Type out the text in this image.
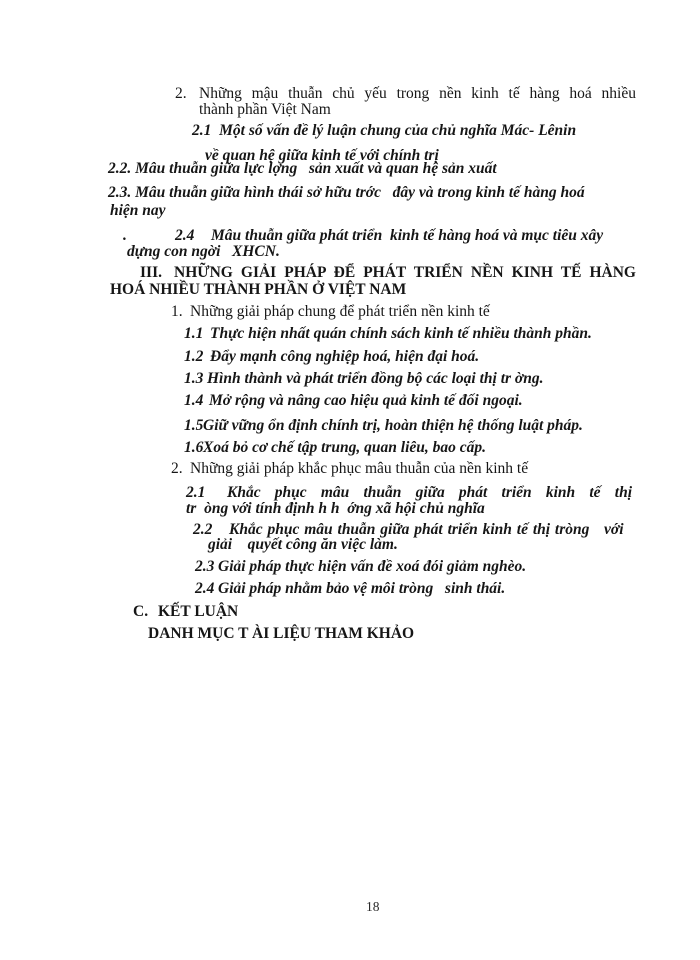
2. Những mậu thuẫn chủ yếu trong nền kinh tế hàng hoá nhiều
thành phần Việt Nam
2.1  Một số vấn đề lý luận chung của chủ nghĩa Mác- Lênin
về quan hệ giữa kinh tế với chính trị
2.2. Mâu thuẫn giữa lực lợng   sản xuất và quan hệ sản xuất
2.3. Mâu thuẫn giữa hình thái sở hữu trớc   đây và trong kinh tế hàng hoá
hiện nay
.	2.4	Mâu thuẫn giữa phát triển  kinh tế hàng hoá và mục tiêu xây
dựng con ngời   XHCN.
III. NHỮNG GIẢI PHÁP ĐỂ PHÁT TRIỂN NỀN KINH TẾ HÀNG
HOÁ NHIỀU THÀNH PHẦN Ở VIỆT NAM
1. Những giải pháp chung để phát triển nền kinh tế
1.1 Thực hiện nhất quán chính sách kinh tế nhiều thành phần.
1.2 Đẩy mạnh công nghiệp hoá, hiện đại hoá.
1.3 Hình thành và phát triển đồng bộ các loại thị tr ờng.
1.4 Mở rộng và nâng cao hiệu quả kinh tế đối ngoại.
1.5 Giữ vững ổn định chính trị, hoàn thiện hệ thống luật pháp.
1.6 Xoá bỏ cơ chế tập trung, quan liêu, bao cấp.
2. Những giải pháp khắc phục mâu thuẫn của nền kinh tế
2.1	Khắc phục mâu thuẫn giữa phát triển kinh tế thị
tr  òng với tính định h h  ớng xã hội chủ nghĩa
2.2	Khắc phục mâu thuẫn giữa phát triển kinh tế thị tròng   với
giải    quyết công ăn việc làm.
2.3 Giải pháp thực hiện vấn đề xoá đói giảm nghèo.
2.4 Giải pháp nhằm bảo vệ môi tròng   sinh thái.
C. KẾT LUẬN
DANH MỤC T ÀI LIỆU THAM KHẢO
18
